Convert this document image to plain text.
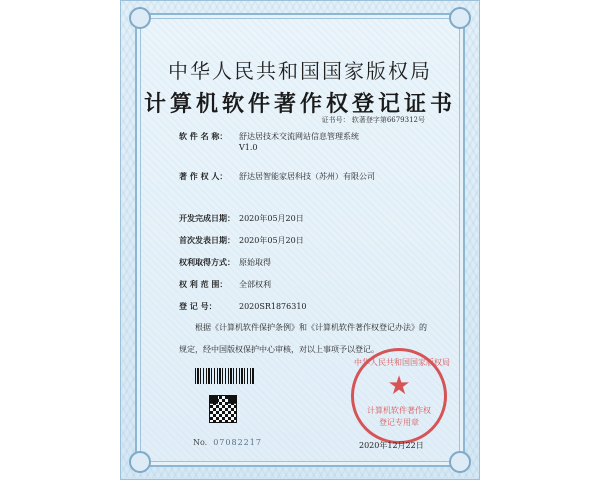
中华人民共和国国家版权局
计算机软件著作权登记证书
证书号： 软著登字第6679312号
软 件 名 称： 舒达居技术交流网站信息管理系统
V1.0
著 作 权 人： 舒达居智能家居科技（苏州）有限公司
开发完成日期： 2020年05月20日
首次发表日期： 2020年05月20日
权利取得方式： 原始取得
权 利 范 围： 全部权利
登 记 号：	2020SR1876310
根据《计算机软件保护条例》和《计算机软件著作权登记办法》的
规定，经中国版权保护中心审核，对以上事项予以登记。
No. 07082217
中华人民共和国国家版权局
★
计算机软件著作权
登记专用章
2020年12月22日
